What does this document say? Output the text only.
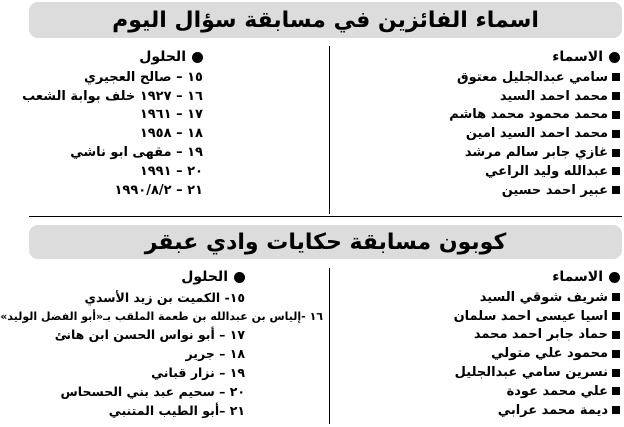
اسماء الفائزين في مسابقة سؤال اليوم
الاسماء
سامي عبدالجليل معتوق
محمد احمد السيد
محمد محمود محمد هاشم
محمد احمد السيد امين
غازي جابر سالم مرشد
عبدالله وليد الراعي
عبير احمد حسين
الحلول
١٥ – صالح العجيري
١٦ – ١٩٢٧ خلف بوابة الشعب
١٧ – ١٩٦١
١٨ – ١٩٥٨
١٩ – مقهى ابو ناشي
٢٠ – ١٩٩١
٢١ – ١٩٩٠/٨/٢
كوبون مسابقة حكايات وادي عبقر
الاسماء
شريف شوقي السيد
اسيا عيسى احمد سلمان
حماد جابر احمد محمد
محمود علي متولي
نسرين سامي عبدالجليل
علي محمد عودة
ديمة محمد عرابي
الحلول
١٥- الكميت بن زيد الأسدي
١٦ -إلياس بن عبدالله بن طعمة الملقب بـ«أبو الفضل الوليد»
١٧ – أبو نواس الحسن ابن هانئ
١٨ – جرير
١٩ – نزار قباني
٢٠ – سحيم عبد بني الحسحاس
٢١ –أبو الطيب المتنبي
